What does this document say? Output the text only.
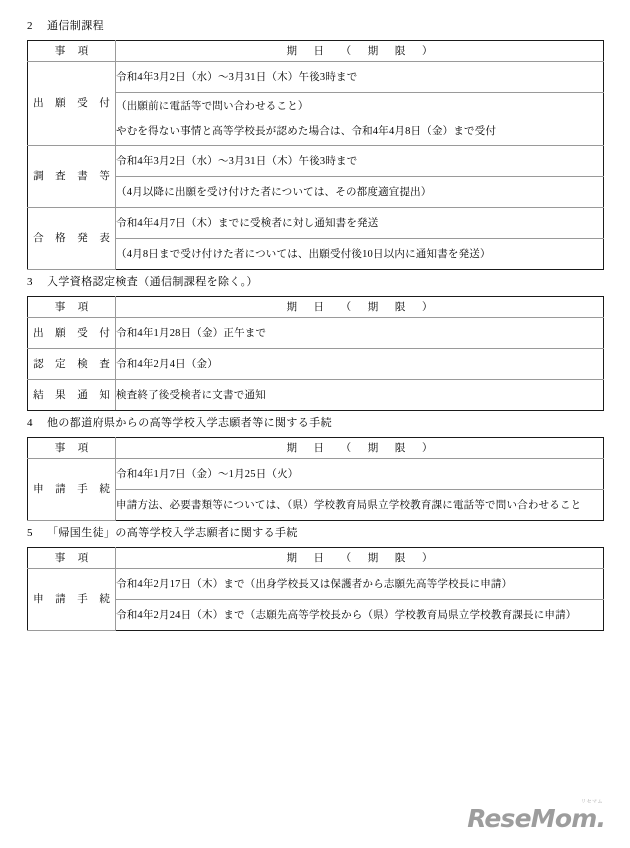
2	通信制課程
事 項	期 日 （ 期 限 ）
出 願 受 付	令和4年3月2日（水）～3月31日（木）午後3時まで

	（出願前に電話等で問い合わせること）
やむを得ない事情と高等学校長が認めた場合は、令和4年4月8日（金）まで受付

調 査 書 等	令和4年3月2日（水）～3月31日（木）午後3時まで

	（4月以降に出願を受け付けた者については、その都度適宜提出）

合 格 発 表	令和4年4月7日（木）までに受検者に対し通知書を発送

	（4月8日まで受け付けた者については、出願受付後10日以内に通知書を発送）
3	入学資格認定検査（通信制課程を除く。）
事 項	期 日 （ 期 限 ）
出 願 受 付	令和4年1月28日（金）正午まで

認 定 検 査	令和4年2月4日（金）

結 果 通 知	検査終了後受検者に文書で通知
4	他の都道府県からの高等学校入学志願者等に関する手続
事 項	期 日 （ 期 限 ）
申 請 手 続	令和4年1月7日（金）～1月25日（火）

	申請方法、必要書類等については、（県）学校教育局県立学校教育課に電話等で問い合わせること
5	「帰国生徒」の高等学校入学志願者に関する手続
事 項	期 日 （ 期 限 ）
申 請 手 続	令和4年2月17日（木）まで（出身学校長又は保護者から志願先高等学校長に申請）

	令和4年2月24日（木）まで（志願先高等学校長から（県）学校教育局県立学校教育課長に申請）
ReseMom.
リセマム
